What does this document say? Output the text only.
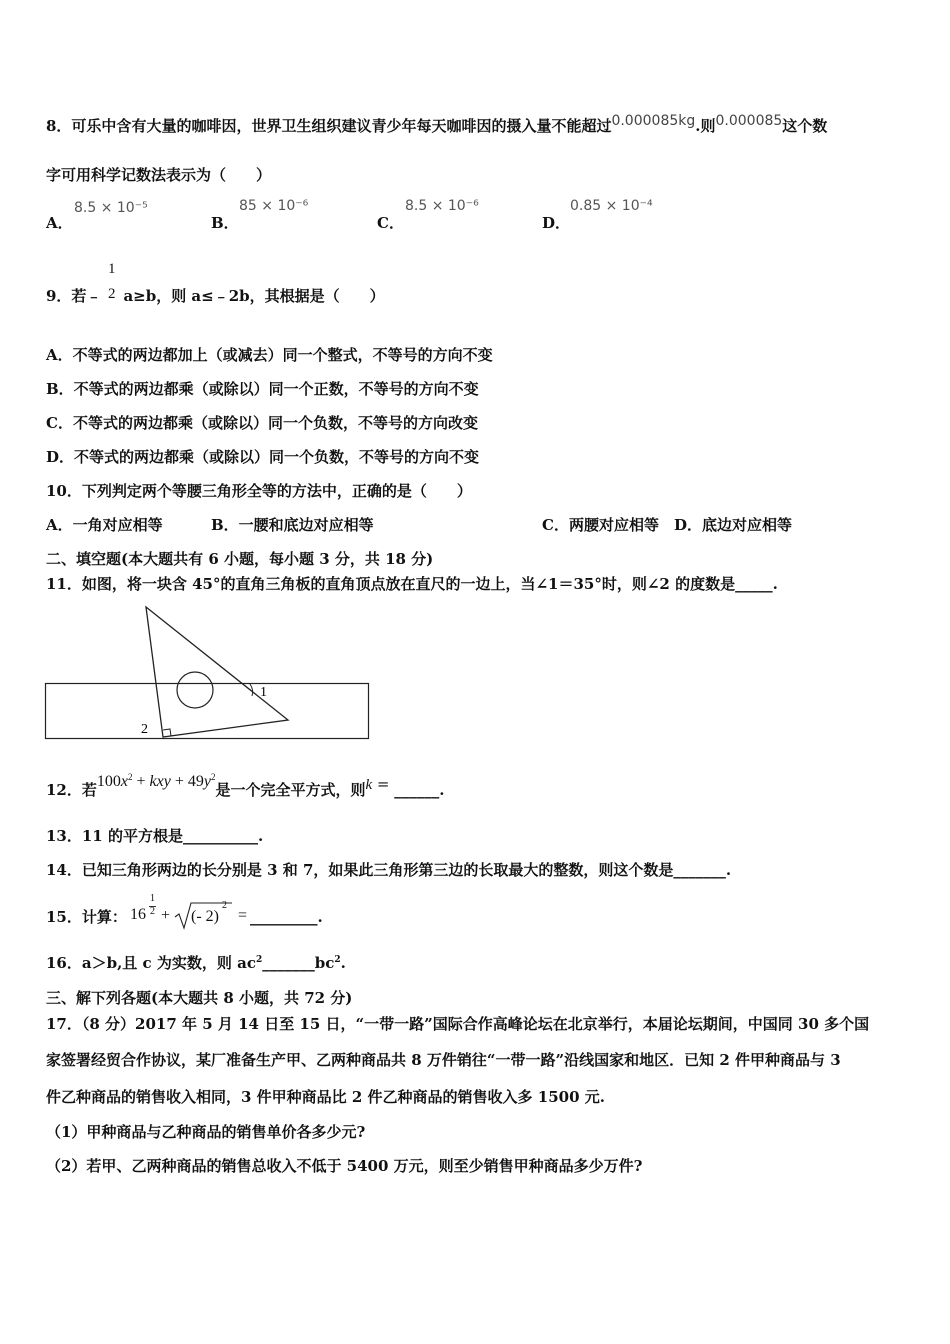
8．可乐中含有大量的咖啡因，世界卫生组织建议青少年每天咖啡因的摄入量不能超过0.000085kg.则0.000085这个数
字可用科学记数法表示为（　　）
A．
8.5 × 10⁻⁵
B．
85 × 10⁻⁶
C．
8.5 × 10⁻⁶
D．
0.85 × 10⁻⁴
9．若﹣ a≥b，则 a≤﹣2b，其根据是（　　）
1
2
A．不等式的两边都加上（或减去）同一个整式，不等号的方向不变
B．不等式的两边都乘（或除以）同一个正数，不等号的方向不变
C．不等式的两边都乘（或除以）同一个负数，不等号的方向改变
D．不等式的两边都乘（或除以）同一个负数，不等号的方向不变
10．下列判定两个等腰三角形全等的方法中，正确的是（　　）
A．一角对应相等	B．一腰和底边对应相等	C．两腰对应相等　D．底边对应相等
二、填空题(本大题共有 6 小题，每小题 3 分，共 18 分)
11．如图，将一块含 45°的直角三角板的直角顶点放在直尺的一边上，当∠1＝35°时，则∠2 的度数是_____.
1
2
12．若$100x^2$ + kxy + $49y^2$是一个完全平方式，则k = ______.
13．11 的平方根是__________.
14．已知三角形两边的长分别是 3 和 7，如果此三角形第三边的长取最大的整数，则这个数是_______.
15．计算： 16
1
2 + (- 2)
2
= _________.
16．a＞b,且 c 为实数，则 $ac^2\_\_\_\_\_\_\_bc^2$.
三、解下列各题(本大题共 8 小题，共 72 分)
17．（8 分）2017 年 5 月 14 日至 15 日，“一带一路”国际合作高峰论坛在北京举行，本届论坛期间，中国同 30 多个国
家签署经贸合作协议，某厂准备生产甲、乙两种商品共 8 万件销往“一带一路”沿线国家和地区．已知 2 件甲种商品与 3
件乙种商品的销售收入相同，3 件甲种商品比 2 件乙种商品的销售收入多 1500 元.
（1）甲种商品与乙种商品的销售单价各多少元?
（2）若甲、乙两种商品的销售总收入不低于 5400 万元，则至少销售甲种商品多少万件?
